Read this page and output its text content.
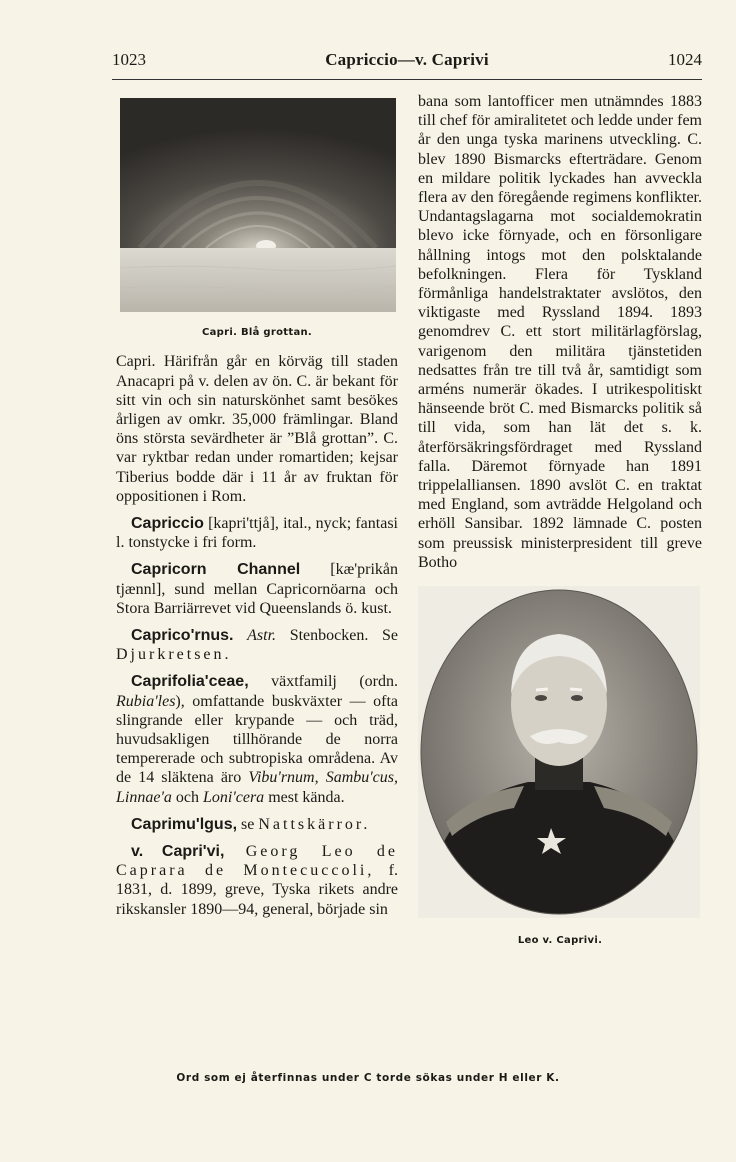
1023	Capriccio—v. Caprivi	1024
Capri. Blå grottan.

Capri. Härifrån går en körväg till staden Anacapri på v. delen av ön. C. är bekant för sitt vin och sin naturskönhet samt besökes årligen av omkr. 35,000 främlingar. Bland öns största sevärdheter är ”Blå grottan”. C. var ryktbar redan under romartiden; kejsar Tiberius bodde där i 11 år av fruktan för oppositionen i Rom.

Capriccio [kapri'ttjå], ital., nyck; fantasi l. tonstycke i fri form.

Capricorn Channel [kæ'prikån tjænnl], sund mellan Capricornöarna och Stora Barriärrevet vid Queenslands ö. kust.

Caprico'rnus. Astr. Stenbocken. Se Djurkretsen.

Caprifolia'ceae, växtfamilj (ordn. Rubia'les), omfattande buskväxter — ofta slingrande eller krypande — och träd, huvudsakligen tillhörande de norra tempererade och subtropiska områdena. Av de 14 släktena äro Vibu'rnum, Sambu'cus, Linnae'a och Loni'cera mest kända.

Caprimu'lgus, se Nattskärror.

v. Capri'vi, Georg Leo de Caprara de Montecuccoli, f. 1831, d. 1899, greve, Tyska rikets andre rikskansler 1890—94, general, började sin

bana som lantofficer men utnämndes 1883 till chef för amiralitetet och ledde under fem år den unga tyska marinens utveckling. C. blev 1890 Bismarcks efterträdare. Genom en mildare politik lyckades han avveckla flera av den föregående regimens konflikter. Undantagslagarna mot socialdemokratin blevo icke förnyade, och en försonligare hållning intogs mot den polsktalande befolkningen. Flera för Tyskland förmånliga handelstraktater avslötos, den viktigaste med Ryssland 1894. 1893 genomdrev C. ett stort militärlagförslag, varigenom den militära tjänstetiden nedsattes från tre till två år, samtidigt som arméns numerär ökades. I utrikespolitiskt hänseende bröt C. med Bismarcks politik så till vida, som han lät det s. k. återförsäkringsfördraget med Ryssland falla. Däremot förnyade han 1891 trippelalliansen. 1890 avslöt C. en traktat med England, som avträdde Helgoland och erhöll Sansibar. 1892 lämnade C. posten som preussisk ministerpresident till greve Botho

Leo v. Caprivi.
Ord som ej återfinnas under C torde sökas under H eller K.
